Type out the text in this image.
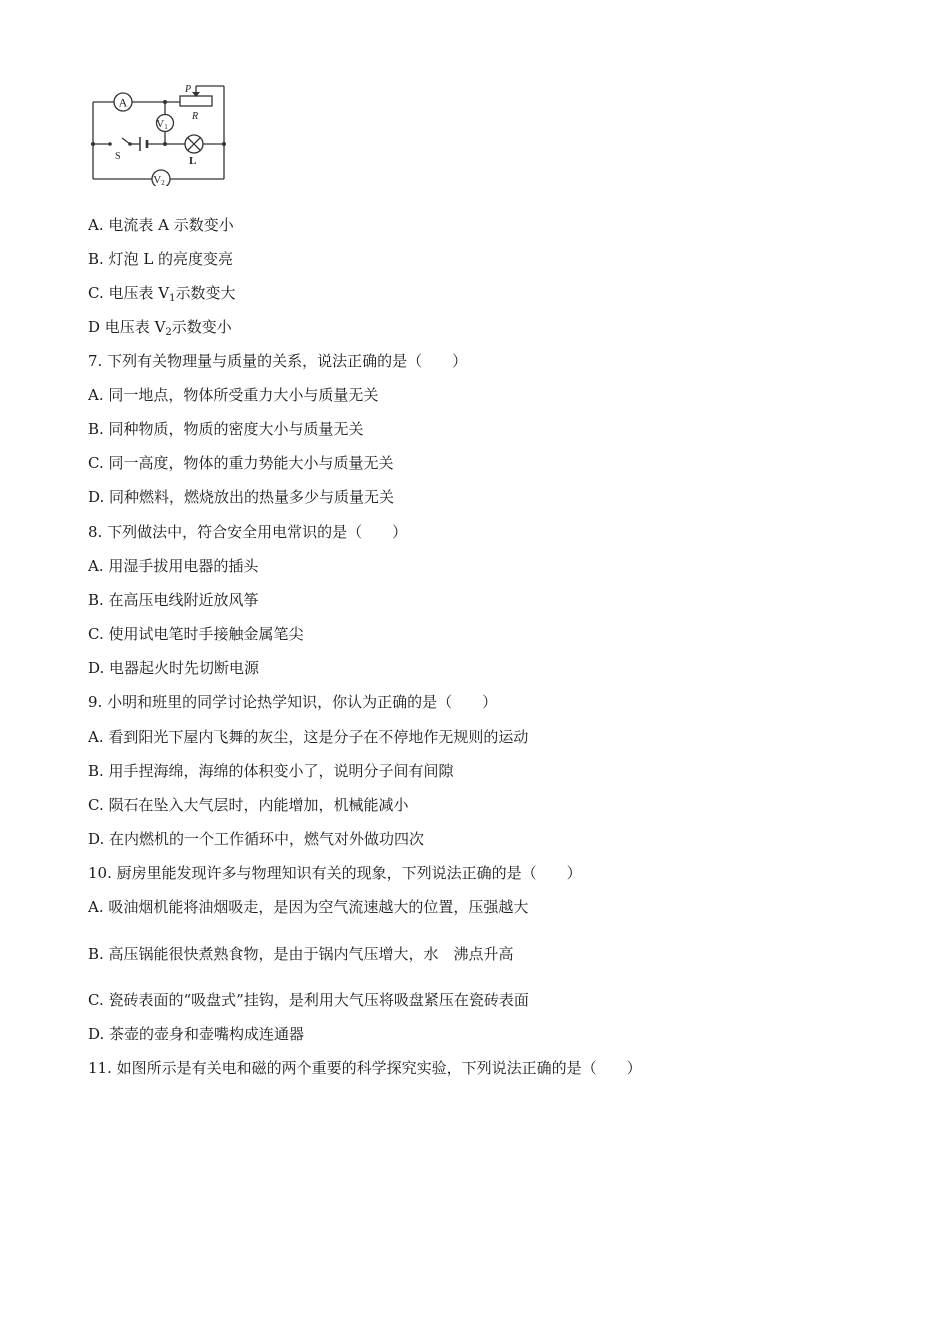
A
V1
V2
P
R
S	L
A. 电流表 A 示数变小
B. 灯泡 L 的亮度变亮
C. 电压表 $V_1$示数变大
D 电压表 $V_2$示数变小
7. 下列有关物理量与质量的关系，说法正确的是（　　）
A. 同一地点，物体所受重力大小与质量无关
B. 同种物质，物质的密度大小与质量无关
C. 同一高度，物体的重力势能大小与质量无关
D. 同种燃料，燃烧放出的热量多少与质量无关
8. 下列做法中，符合安全用电常识的是（　　）
A. 用湿手拔用电器的插头
B. 在高压电线附近放风筝
C. 使用试电笔时手接触金属笔尖
D. 电器起火时先切断电源
9. 小明和班里的同学讨论热学知识，你认为正确的是（　　）
A. 看到阳光下屋内飞舞的灰尘，这是分子在不停地作无规则的运动
B. 用手捏海绵，海绵的体积变小了，说明分子间有间隙
C. 陨石在坠入大气层时，内能增加，机械能减小
D. 在内燃机的一个工作循环中，燃气对外做功四次
10. 厨房里能发现许多与物理知识有关的现象，下列说法正确的是（　　）
A. 吸油烟机能将油烟吸走，是因为空气流速越大的位置，压强越大
B. 高压锅能很快煮熟食物，是由于锅内气压增大，水　沸点升高
C. 瓷砖表面的“吸盘式”挂钩，是利用大气压将吸盘紧压在瓷砖表面
D. 茶壶的壶身和壶嘴构成连通器
11. 如图所示是有关电和磁的两个重要的科学探究实验，下列说法正确的是（　　）
